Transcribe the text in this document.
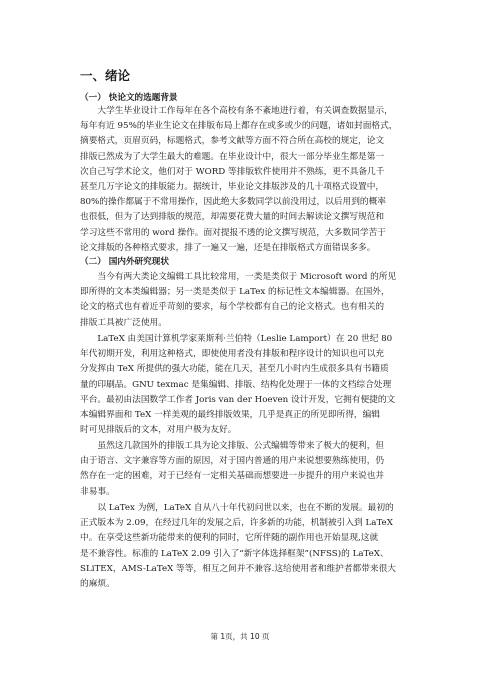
一、绪论
（一） 快论文的选题背景
　　大学生毕业设计工作每年在各个高校有条不紊地进行着，有关调查数据显示，
每年有近 95%的毕业生论文在排版布局上都存在或多或少的问题，诸如封面格式，
摘要格式，页眉页码，标题格式，参考文献等方面不符合所在高校的规定，论文
排版已然成为了大学生最大的难题。在毕业设计中，很大一部分毕业生都是第一
次自己写学术论文，他们对于 WORD 等排版软件使用并不熟练，更不具备几千
甚至几万字论文的排版能力。据统计，毕业论文排版涉及的几十项格式设置中，
80%的操作都属于不常用操作，因此绝大多数同学以前没用过，以后用到的概率
也很低，但为了达到排版的规范，却需要花费大量的时间去解读论文撰写规范和
学习这些不常用的 word 操作。面对提报不透的论文撰写规范，大多数同学苦于
论文排版的各种格式要求，排了一遍又一遍，还是在排版格式方面错误多多。
（二） 国内外研究现状
　　当今有两大类论文编辑工具比较常用，一类是类似于 Microsoft word 的所见
即所得的文本类编辑器；另一类是类似于 LaTex 的标记性文本编辑器。在国外，
论文的格式也有着近乎苛刻的要求，每个学校都有自己的论文格式。也有相关的
排版工具被广泛使用。
　　LaTeX 由美国计算机学家莱斯利·兰伯特（Leslie Lamport）在 20 世纪 80
年代初期开发，利用这种格式，即使使用者没有排版和程序设计的知识也可以充
分发挥由 TeX 所提供的强大功能，能在几天，甚至几小时内生成很多具有书籍质
量的印刷品。GNU texmac 是集编辑、排版、结构化处理于一体的文档综合处理
平台。最初由法国数学工作者 Joris van der Hoeven 设计开发，它拥有便捷的文
本编辑界面和 TeX 一样美观的最终排版效果，几乎是真正的所见即所得，编辑
时可见排版后的文本，对用户极为友好。
　　虽然这几款国外的排版工具为论文排版、公式编辑等带来了极大的便利，但
由于语言、文字兼容等方面的原因，对于国内普通的用户来说想要熟练使用，仍
然存在一定的困难，对于已经有一定相关基础而想要进一步提升的用户来说也并
非易事。
　　以 LaTex 为例，LaTeX 自从八十年代初问世以来，也在不断的发展。最初的
正式版本为 2.09，在经过几年的发展之后，许多新的功能，机制被引入到 LaTeX
中。在享受这些新功能带来的便利的同时，它所伴随的副作用也开始显现,这就
是不兼容性。标准的 LaTeX 2.09 引入了“新字体选择框架”(NFSS)的 LaTeX、
SLiTEX，AMS-LaTeX 等等，相互之间并不兼容.这给使用者和维护者都带来很大
的麻烦。
第 1页，共 10 页
